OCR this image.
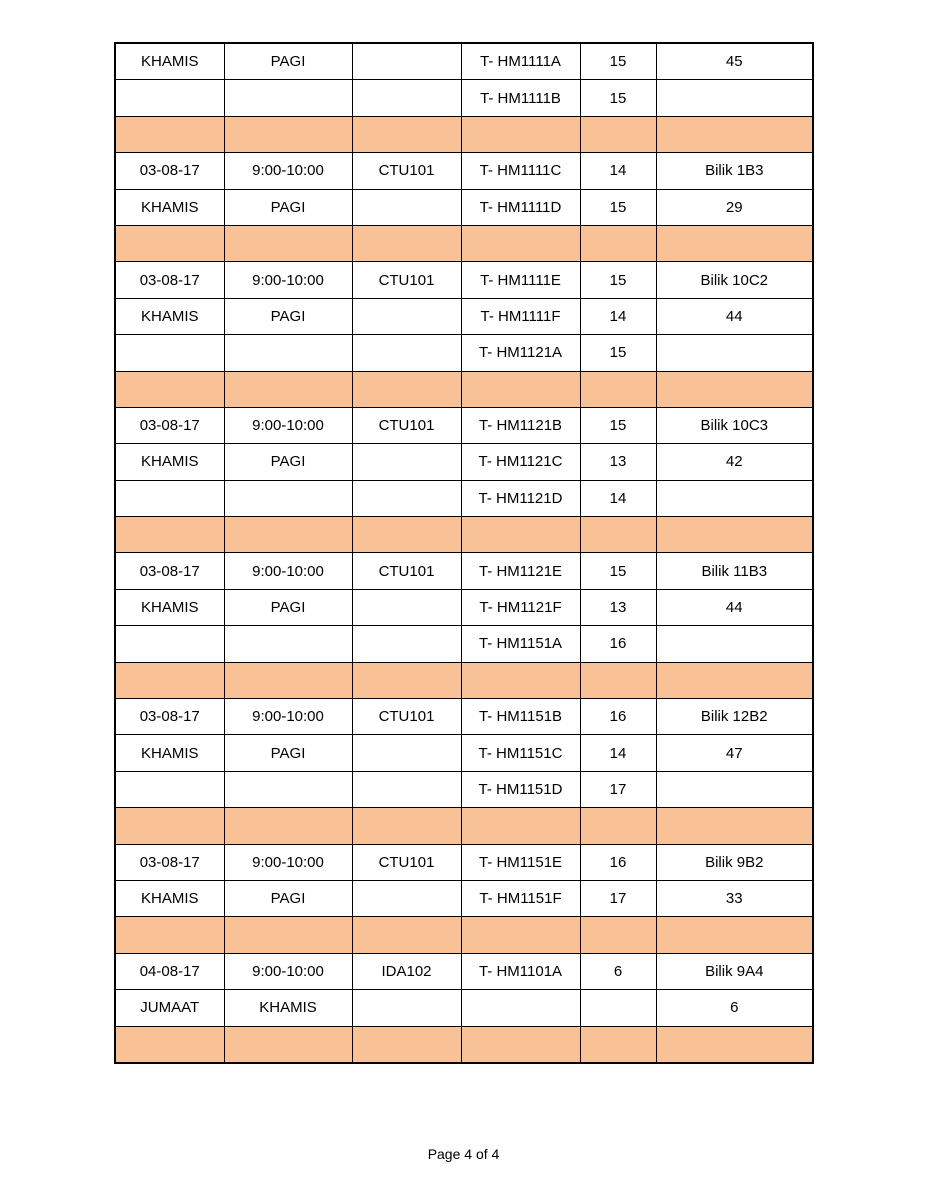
KHAMIS	PAGI		T- HM1111A	15	45
			T- HM1111B	15	

03-08-17	9:00-10:00	CTU101	T- HM1111C	14	Bilik 1B3
KHAMIS	PAGI		T- HM1111D	15	29

03-08-17	9:00-10:00	CTU101	T- HM1111E	15	Bilik 10C2
KHAMIS	PAGI		T- HM1111F	14	44
			T- HM1121A	15	

03-08-17	9:00-10:00	CTU101	T- HM1121B	15	Bilik 10C3
KHAMIS	PAGI		T- HM1121C	13	42
			T- HM1121D	14	

03-08-17	9:00-10:00	CTU101	T- HM1121E	15	Bilik 11B3
KHAMIS	PAGI		T- HM1121F	13	44
			T- HM1151A	16	

03-08-17	9:00-10:00	CTU101	T- HM1151B	16	Bilik 12B2
KHAMIS	PAGI		T- HM1151C	14	47
			T- HM1151D	17	

03-08-17	9:00-10:00	CTU101	T- HM1151E	16	Bilik 9B2
KHAMIS	PAGI		T- HM1151F	17	33

04-08-17	9:00-10:00	IDA102	T- HM1101A	6	Bilik 9A4
JUMAAT	KHAMIS				6

Page 4 of 4
